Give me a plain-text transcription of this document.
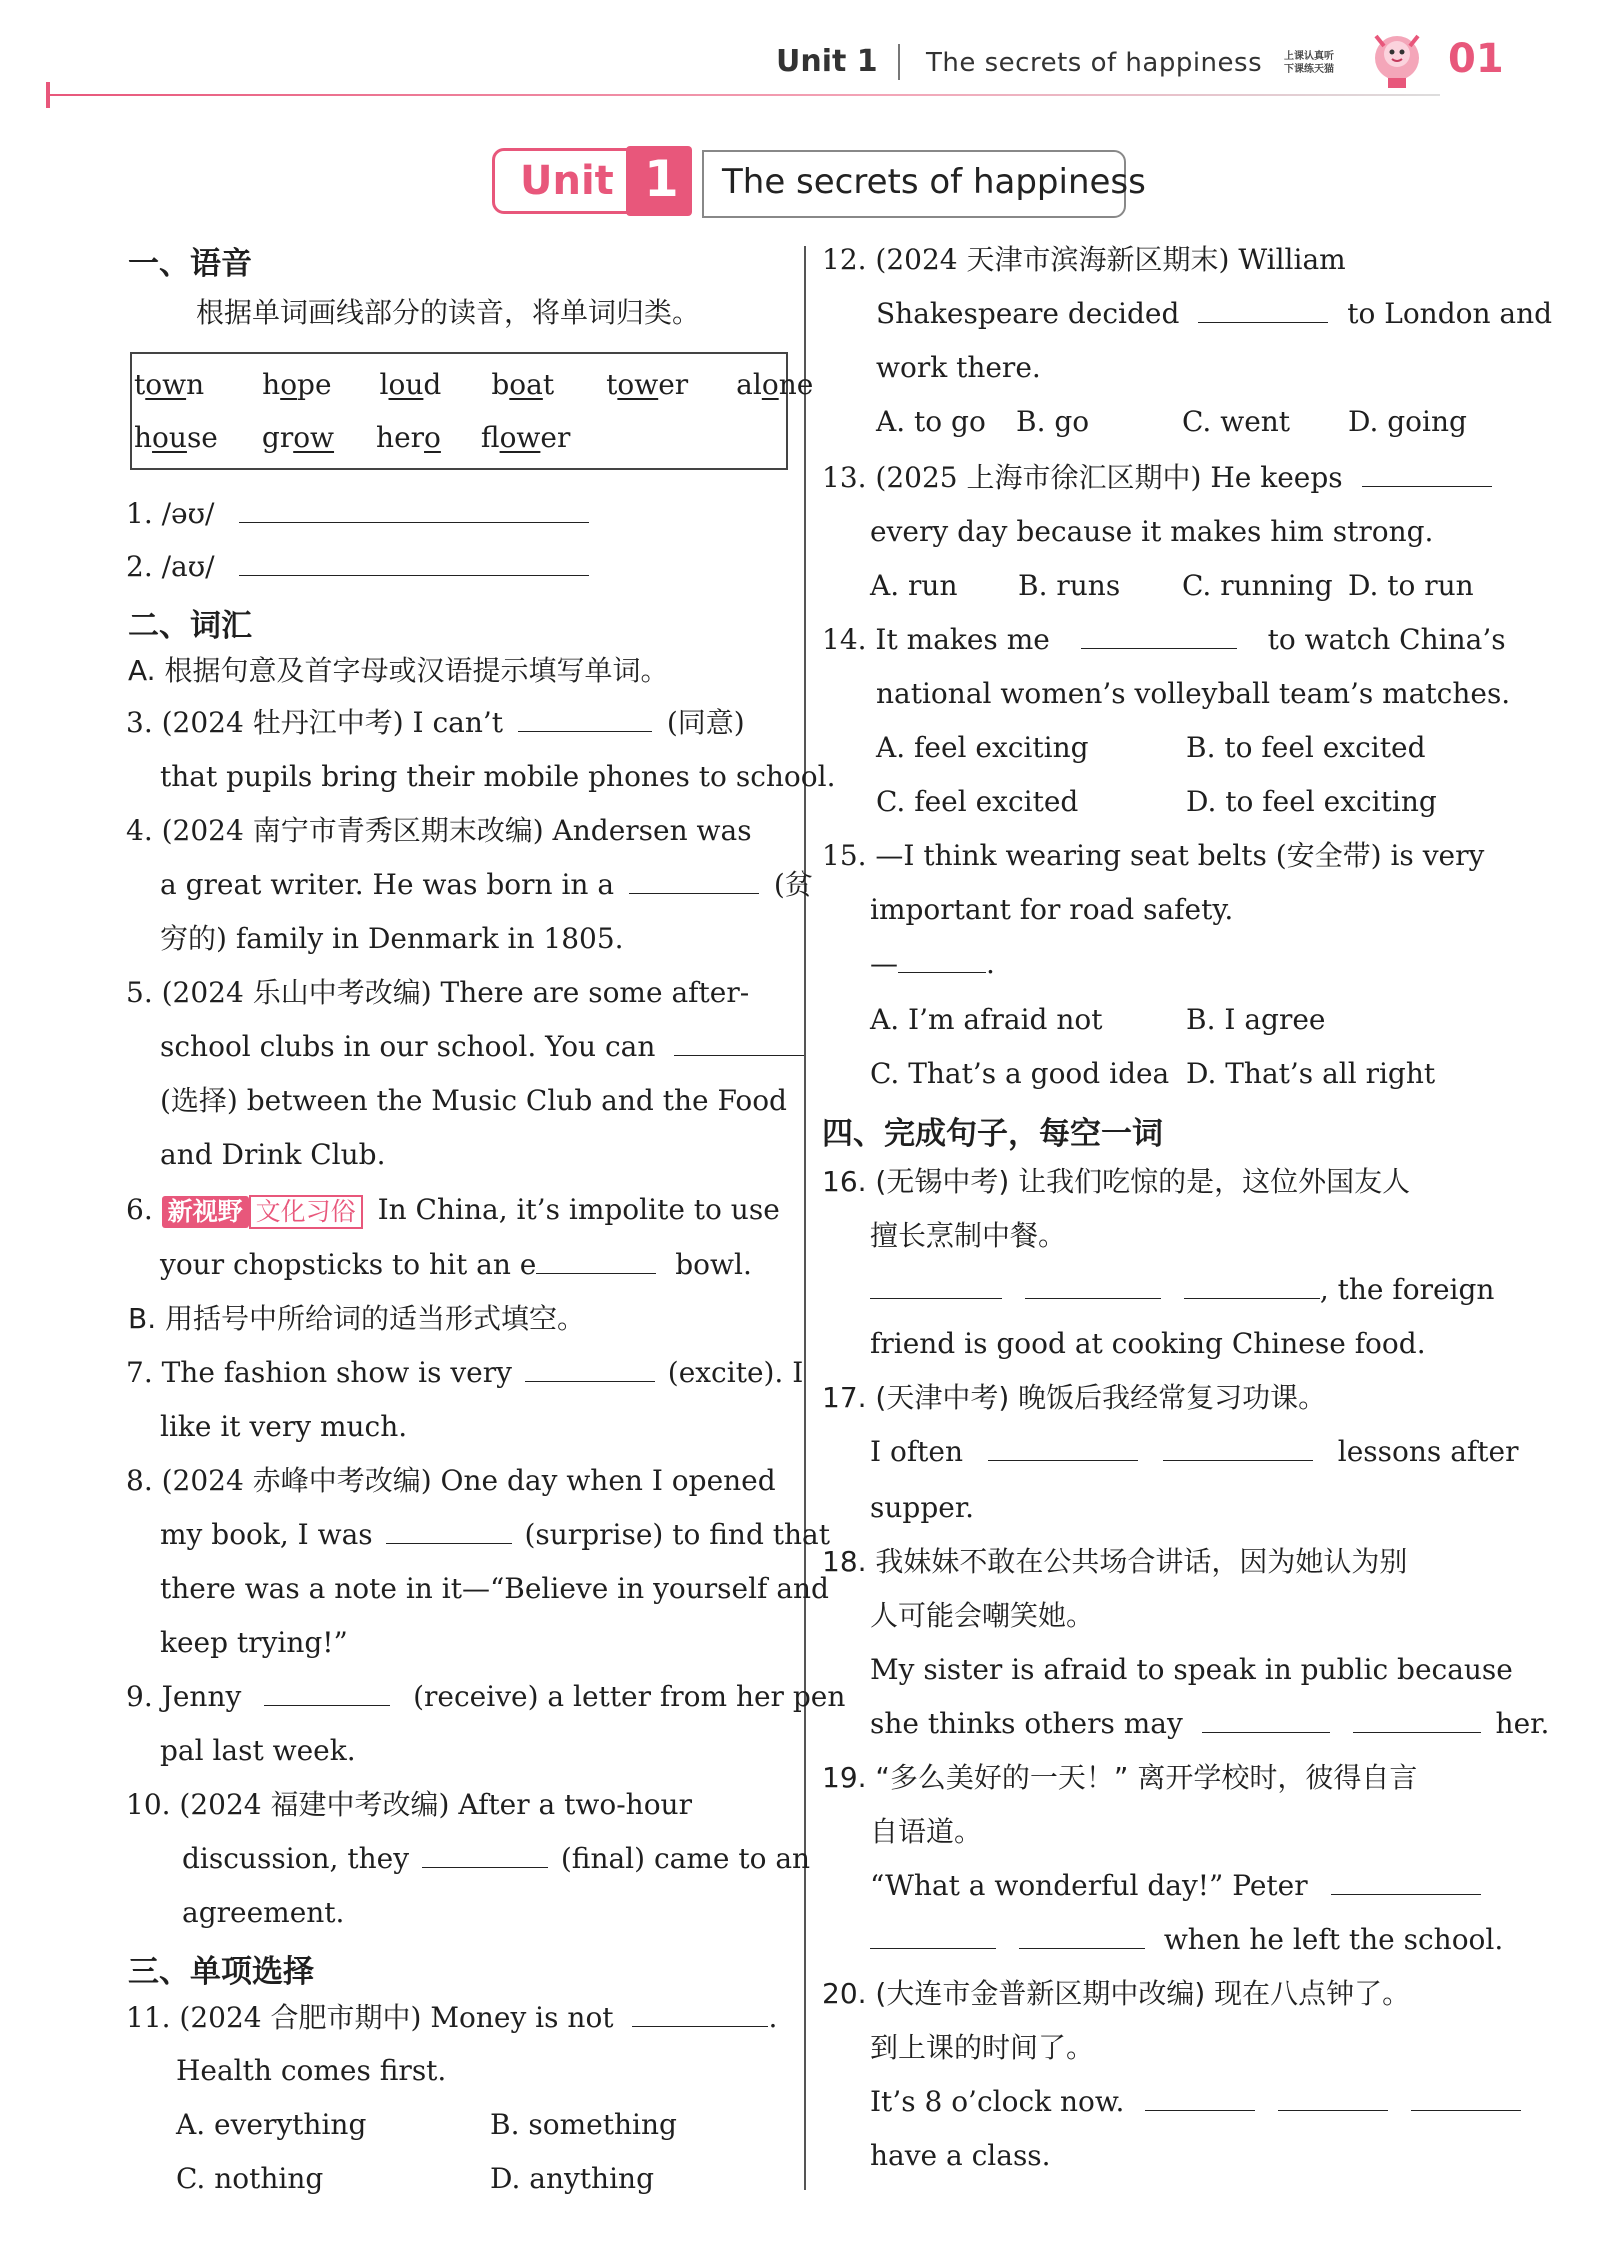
Unit 1 The secrets of happiness 上课认真听
下课练天猫	01
Unit 1 The secrets of happiness
一、语音
根据单词画线部分的读音，将单词归类。
town hope loud boat tower alone
house grow hero flower
1. /əʊ/
2. /aʊ/
二、词汇
A. 根据句意及首字母或汉语提示填写单词。
3. (2024 牡丹江中考) I can’t	(同意)
that pupils bring their mobile phones to school.
4. (2024 南宁市青秀区期末改编) Andersen was
a great writer. He was born in a	(贫
穷的) family in Denmark in 1805.
5. (2024 乐山中考改编) There are some after-
school clubs in our school. You can
(选择) between the Music Club and the Food
and Drink Club.
6. 新视野 文化习俗 In China, it’s impolite to use
your chopsticks to hit an e	bowl.
B. 用括号中所给词的适当形式填空。
7. The fashion show is very	(excite). I
like it very much.
8. (2024 赤峰中考改编) One day when I opened
my book, I was	(surprise) to find that
there was a note in it—“Believe in yourself and
keep trying!”
9. Jenny	(receive) a letter from her pen
pal last week.
10. (2024 福建中考改编) After a two-hour
discussion, they	(final) came to an
agreement.
三、单项选择
11. (2024 合肥市期中) Money is not	.
Health comes first.
A. everything	B. something
C. nothing	D. anything
12. (2024 天津市滨海新区期末) William
Shakespeare decided	to London and
work there.
A. to go B. go	C. went D. going
13. (2025 上海市徐汇区期中) He keeps
every day because it makes him strong.
A. run B. runs C. running D. to run
14. It makes me	to watch China’s
national women’s volleyball team’s matches.
A. feel exciting	B. to feel excited
C. feel excited	D. to feel exciting
15. —I think wearing seat belts (安全带) is very
important for road safety.
—	.
A. I’m afraid not	B. I agree
C. That’s a good idea D. That’s all right
四、完成句子，每空一词
16. (无锡中考) 让我们吃惊的是，这位外国友人
擅长烹制中餐。
, the foreign
friend is good at cooking Chinese food.
17. (天津中考) 晚饭后我经常复习功课。
I often	lessons after
supper.
18. 我妹妹不敢在公共场合讲话，因为她认为别
人可能会嘲笑她。
My sister is afraid to speak in public because
she thinks others may	her.
19. “多么美好的一天！” 离开学校时，彼得自言
自语道。
“What a wonderful day!” Peter
when he left the school.
20. (大连市金普新区期中改编) 现在八点钟了。
到上课的时间了。
It’s 8 o’clock now.
have a class.
